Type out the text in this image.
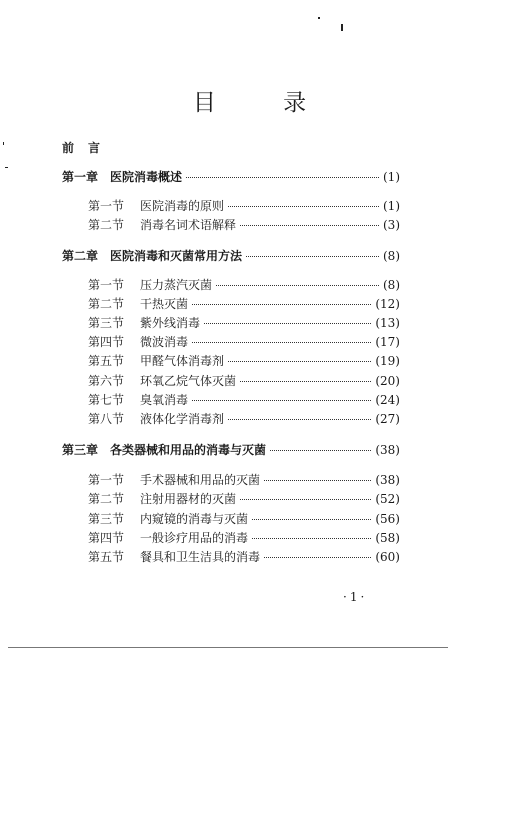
目 录
前言
第一章 医院消毒概述	(1)
第一节 医院消毒的原则	(1)
第二节 消毒名词术语解释	(3)
第二章 医院消毒和灭菌常用方法	(8)
第一节 压力蒸汽灭菌	(8)
第二节 干热灭菌	(12)
第三节 紫外线消毒	(13)
第四节 微波消毒	(17)
第五节 甲醛气体消毒剂	(19)
第六节 环氧乙烷气体灭菌	(20)
第七节 臭氧消毒	(24)
第八节 液体化学消毒剂	(27)
第三章 各类器械和用品的消毒与灭菌	(38)
第一节 手术器械和用品的灭菌	(38)
第二节 注射用器材的灭菌	(52)
第三节 内窥镜的消毒与灭菌	(56)
第四节 一般诊疗用品的消毒	(58)
第五节 餐具和卫生洁具的消毒	(60)
·1·
